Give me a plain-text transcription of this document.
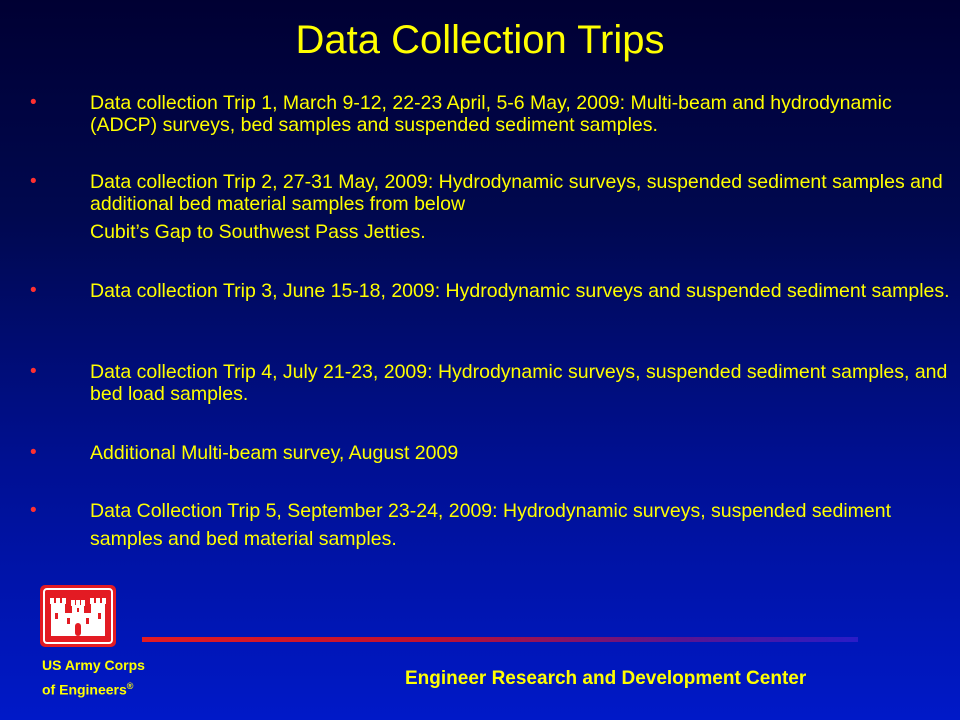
Data Collection Trips
•	Data collection Trip 1, March 9-12, 22-23 April, 5-6 May, 2009: Multi-beam and hydrodynamic (ADCP) surveys, bed samples and suspended sediment samples.
•	Data collection Trip 2, 27-31 May, 2009: Hydrodynamic surveys, suspended sediment samples and additional bed material samples from below
Cubit’s Gap to Southwest Pass Jetties.
•	Data collection Trip 3, June 15-18, 2009: Hydrodynamic surveys and suspended sediment samples.
•	Data collection Trip 4, July 21-23, 2009: Hydrodynamic surveys, suspended sediment samples, and bed load samples.
•	Additional Multi-beam survey, August 2009
•	Data Collection Trip 5, September 23-24, 2009: Hydrodynamic surveys, suspended sediment samples and bed material samples.
US Army Corps
of Engineers®	Engineer Research and Development Center
